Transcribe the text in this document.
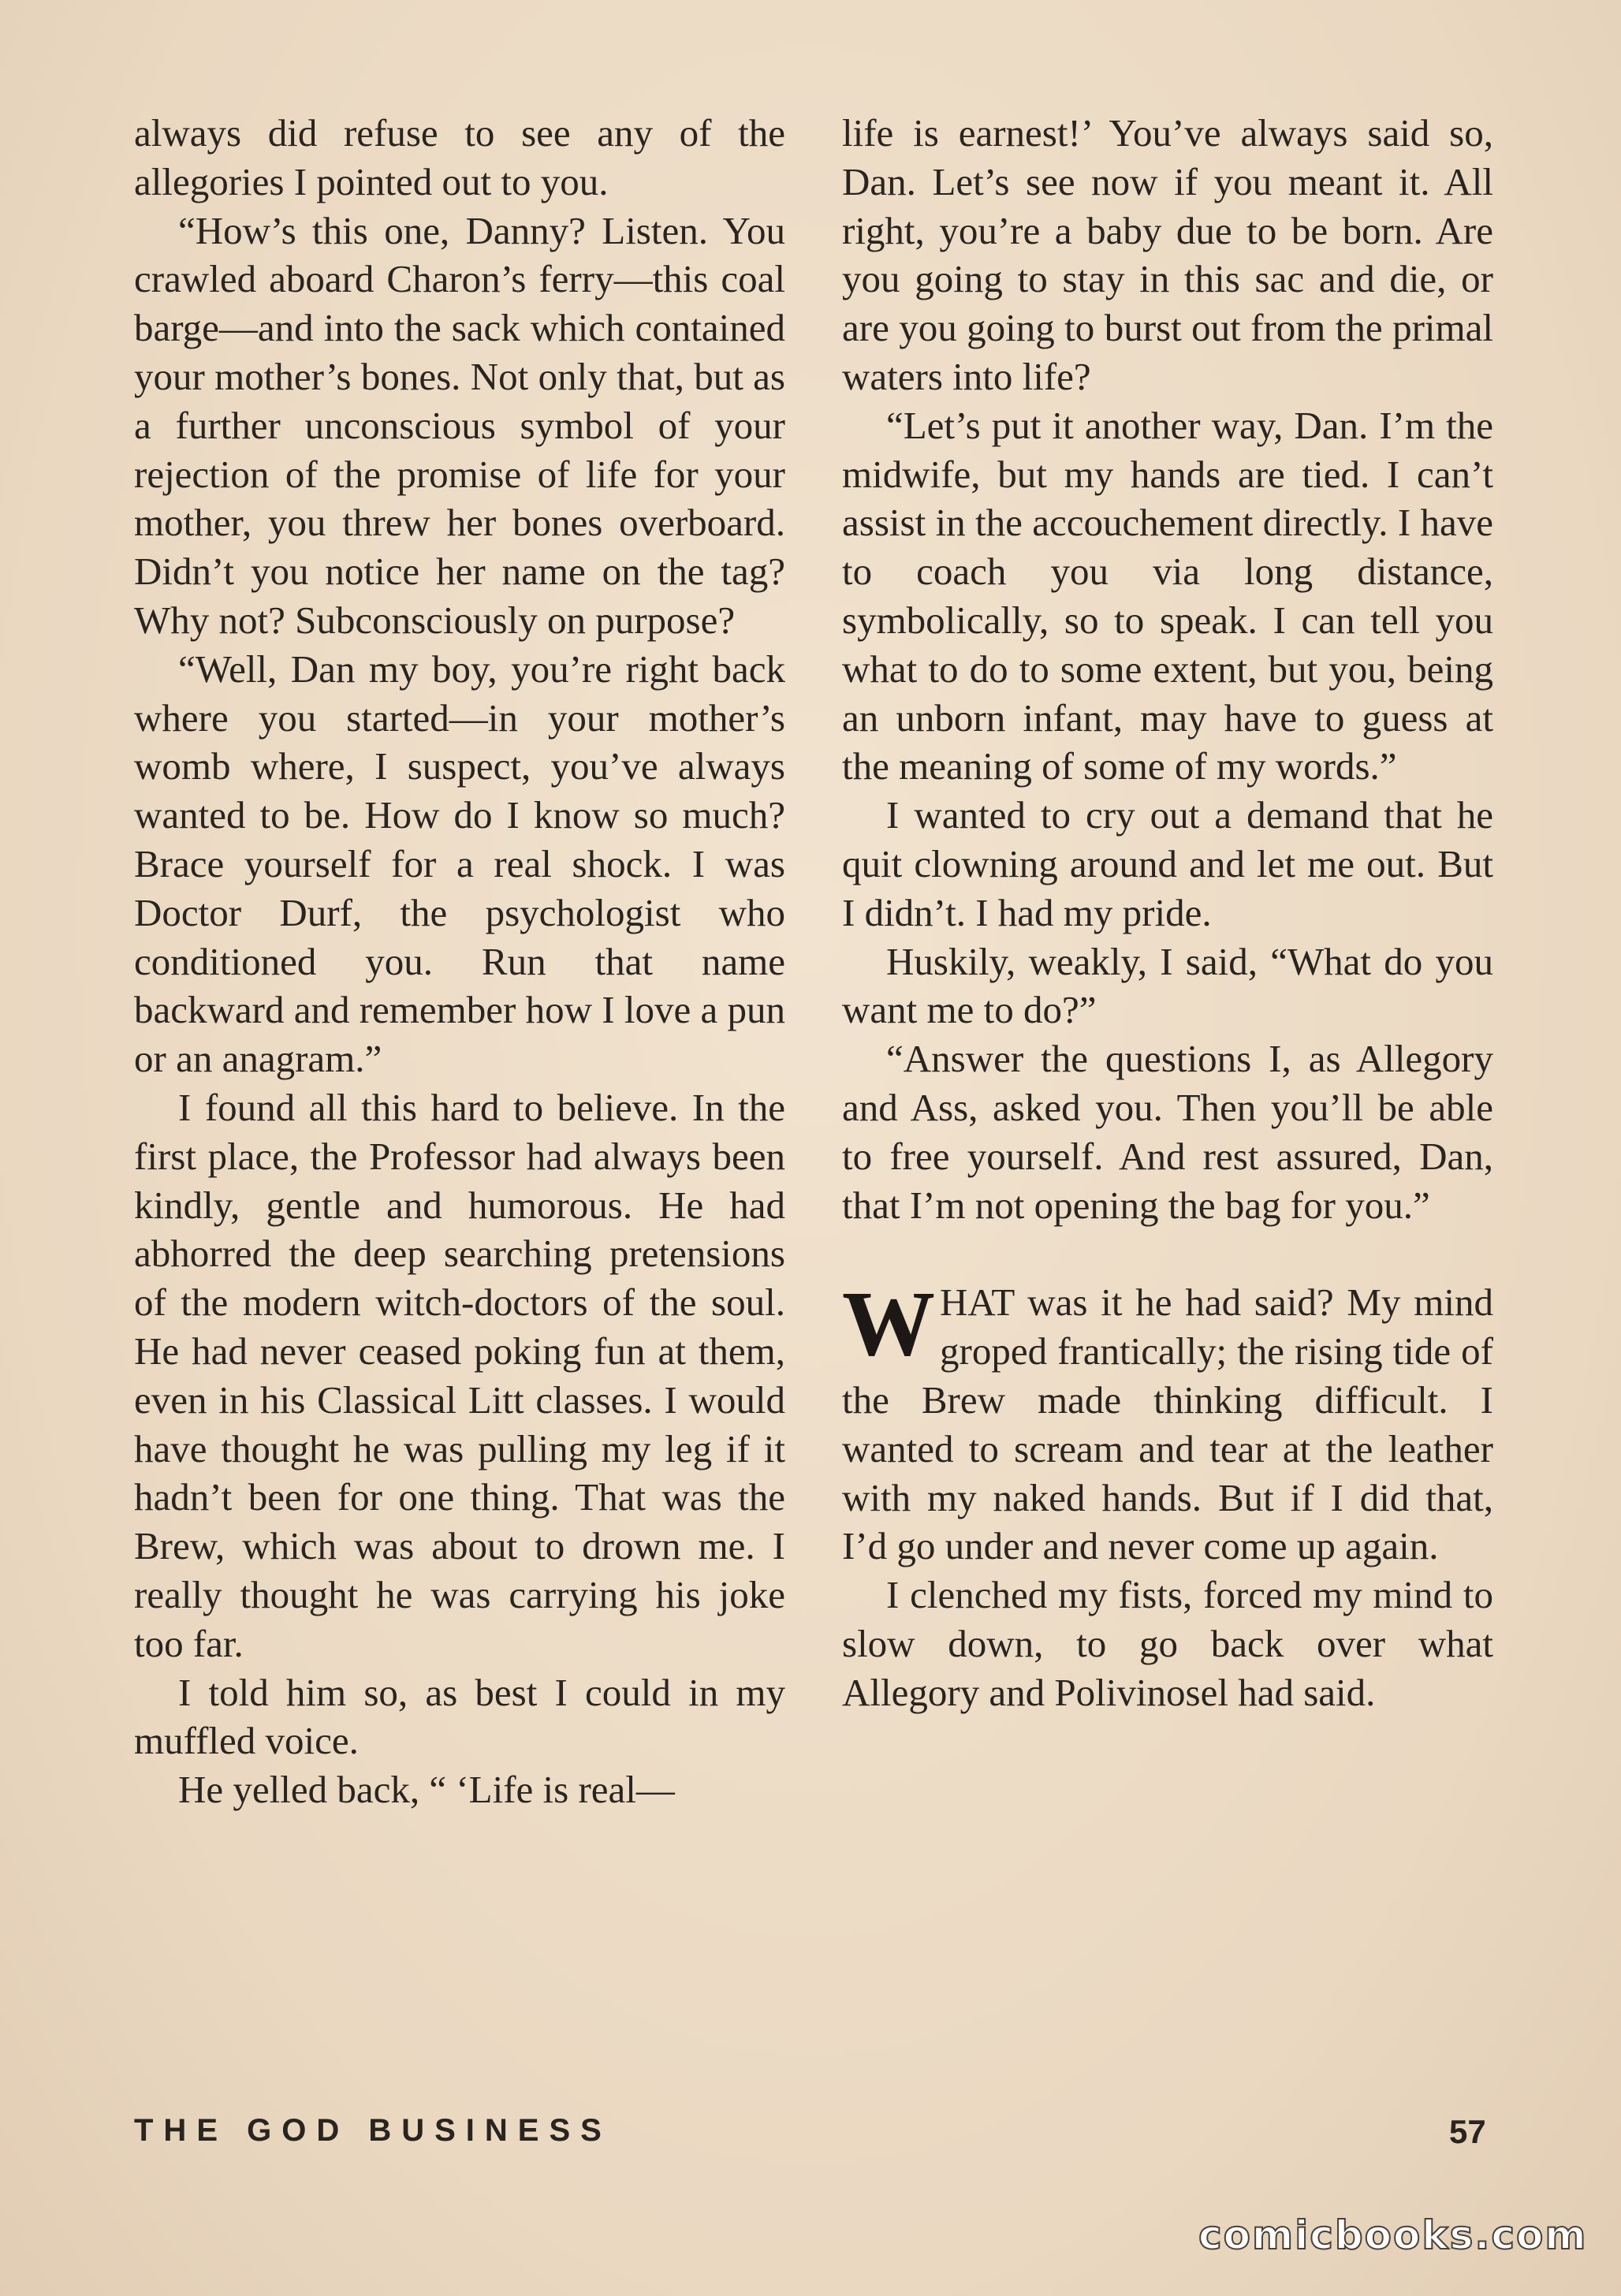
always did refuse to see any of the allegories I pointed out to you.

“How’s this one, Danny? Listen. You crawled aboard Charon’s ferry—this coal barge—and into the sack which contained your mother’s bones. Not only that, but as a further unconscious symbol of your rejection of the promise of life for your mother, you threw her bones overboard. Didn’t you notice her name on the tag? Why not? Subconsciously on purpose?

“Well, Dan my boy, you’re right back where you started—in your mother’s womb where, I suspect, you’ve always wanted to be. How do I know so much? Brace yourself for a real shock. I was Doctor Durf, the psychologist who conditioned you. Run that name backward and remember how I love a pun or an anagram.”

I found all this hard to believe. In the first place, the Professor had always been kindly, gentle and humorous. He had abhorred the deep searching pretensions of the modern witch-doctors of the soul. He had never ceased poking fun at them, even in his Classical Litt classes. I would have thought he was pulling my leg if it hadn’t been for one thing. That was the Brew, which was about to drown me. I really thought he was carrying his joke too far.

I told him so, as best I could in my muffled voice.

He yelled back, “ ‘Life is real—

life is earnest!’ You’ve always said so, Dan. Let’s see now if you meant it. All right, you’re a baby due to be born. Are you going to stay in this sac and die, or are you going to burst out from the primal waters into life?

“Let’s put it another way, Dan. I’m the midwife, but my hands are tied. I can’t assist in the accouchement directly. I have to coach you via long distance, symbolically, so to speak. I can tell you what to do to some extent, but you, being an unborn infant, may have to guess at the meaning of some of my words.”

I wanted to cry out a demand that he quit clowning around and let me out. But I didn’t. I had my pride.

Huskily, weakly, I said, “What do you want me to do?”

“Answer the questions I, as Allegory and Ass, asked you. Then you’ll be able to free yourself. And rest assured, Dan, that I’m not opening the bag for you.”

WHAT was it he had said? My mind groped frantically; the rising tide of the Brew made thinking difficult. I wanted to scream and tear at the leather with my naked hands. But if I did that, I’d go under and never come up again.

I clenched my fists, forced my mind to slow down, to go back over what Allegory and Polivinosel had said.

THE GOD BUSINESS	57
comicbooks.com
